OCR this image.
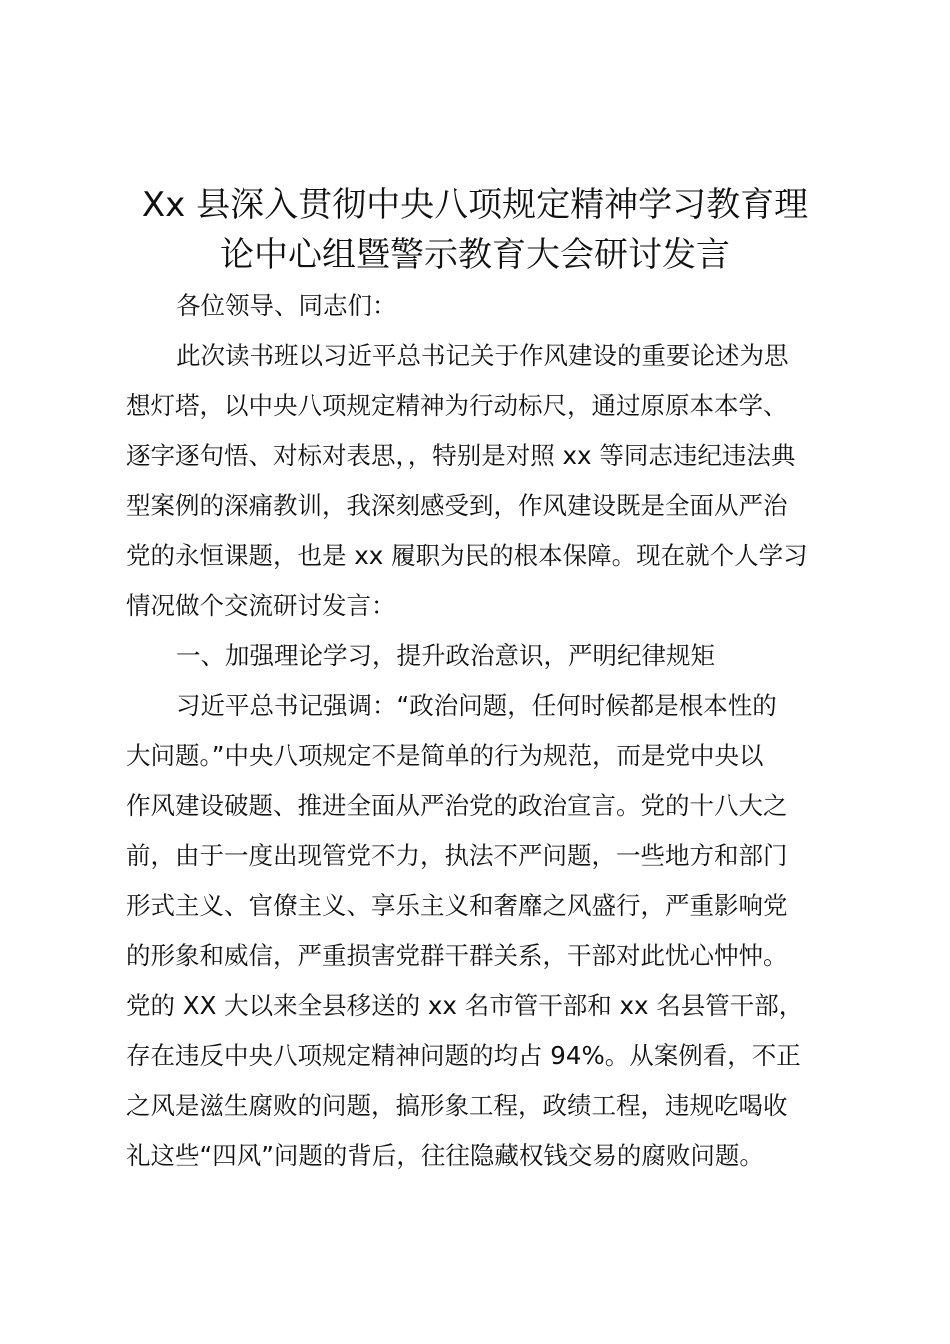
Xx 县深入贯彻中央八项规定精神学习教育理
论中心组暨警示教育大会研讨发言
各位领导、同志们：
此次读书班以习近平总书记关于作风建设的重要论述为思
想灯塔，以中央八项规定精神为行动标尺，通过原原本本学、
逐字逐句悟、对标对表思，，特别是对照 xx 等同志违纪违法典
型案例的深痛教训，我深刻感受到，作风建设既是全面从严治
党的永恒课题，也是 xx 履职为民的根本保障。现在就个人学习
情况做个交流研讨发言：
一、加强理论学习，提升政治意识，严明纪律规矩
习近平总书记强调：“政治问题，任何时候都是根本性的
大问题。”中央八项规定不是简单的行为规范，而是党中央以
作风建设破题、推进全面从严治党的政治宣言。党的十八大之
前，由于一度出现管党不力，执法不严问题，一些地方和部门
形式主义、官僚主义、享乐主义和奢靡之风盛行，严重影响党
的形象和威信，严重损害党群干群关系，干部对此忧心忡忡。
党的 XX 大以来全县移送的 xx 名市管干部和 xx 名县管干部，
存在违反中央八项规定精神问题的均占 94%。从案例看，不正
之风是滋生腐败的问题，搞形象工程，政绩工程，违规吃喝收
礼这些“四风”问题的背后，往往隐藏权钱交易的腐败问题。
